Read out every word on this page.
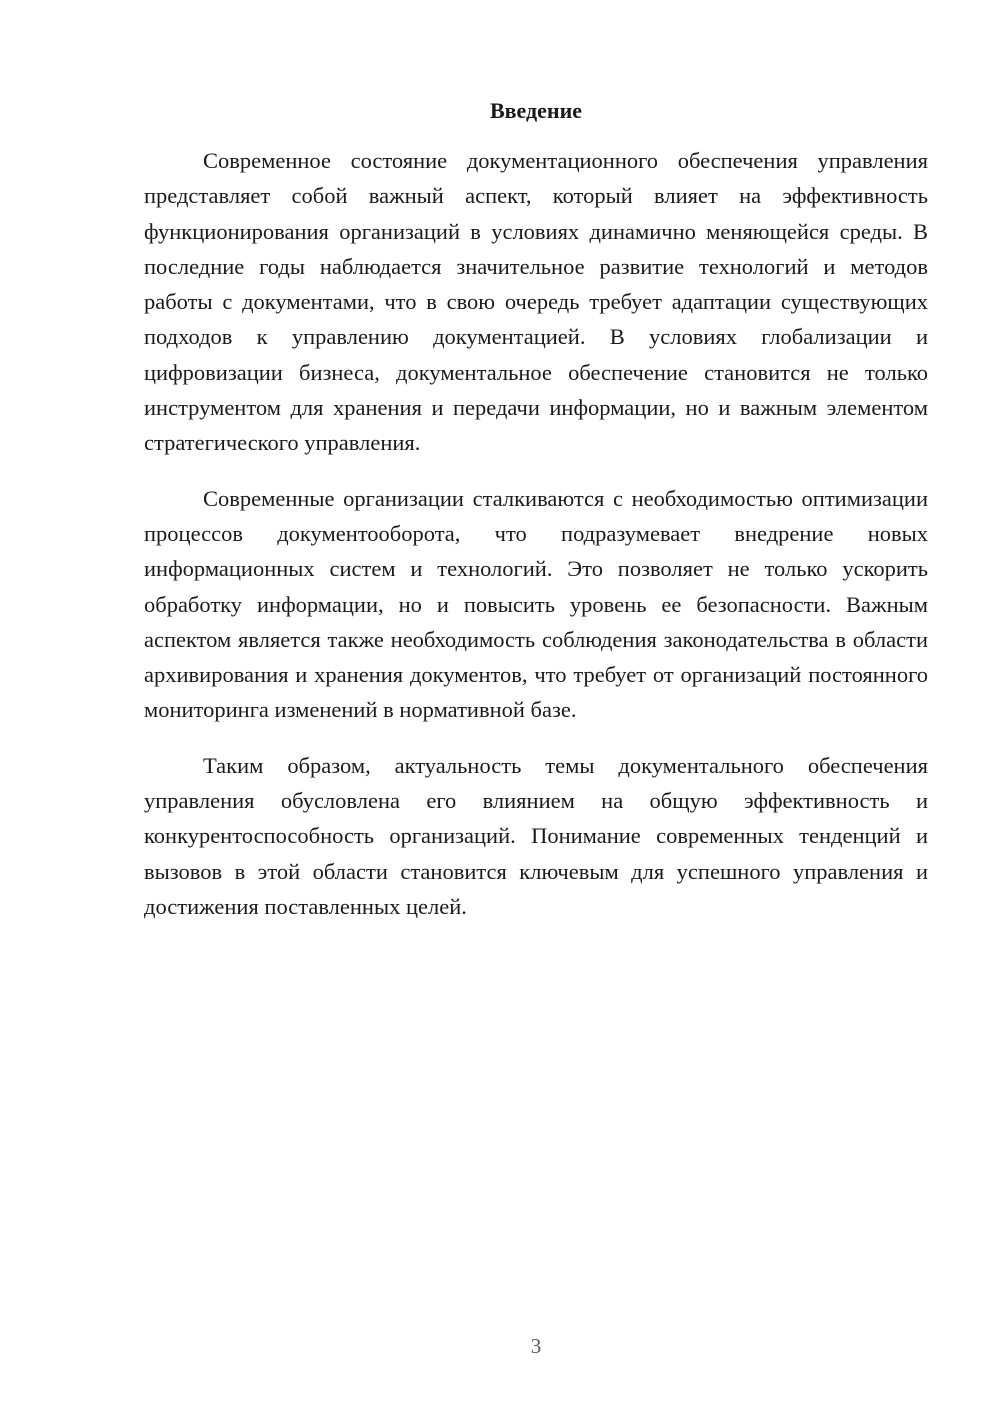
Введение

Современное состояние документационного обеспечения управления представляет собой важный аспект, который влияет на эффективность функционирования организаций в условиях динамично меняющейся среды. В последние годы наблюдается значительное развитие технологий и методов работы с документами, что в свою очередь требует адаптации существующих подходов к управлению документацией. В условиях глобализации и цифровизации бизнеса, документальное обеспечение становится не только инструментом для хранения и передачи информации, но и важным элементом стратегического управления.

Современные организации сталкиваются с необходимостью оптимизации процессов документооборота, что подразумевает внедрение новых информационных систем и технологий. Это позволяет не только ускорить обработку информации, но и повысить уровень ее безопасности. Важным аспектом является также необходимость соблюдения законодательства в области архивирования и хранения документов, что требует от организаций постоянного мониторинга изменений в нормативной базе.

Таким образом, актуальность темы документального обеспечения управления обусловлена его влиянием на общую эффективность и конкурентоспособность организаций. Понимание современных тенденций и вызовов в этой области становится ключевым для успешного управления и достижения поставленных целей.

3
